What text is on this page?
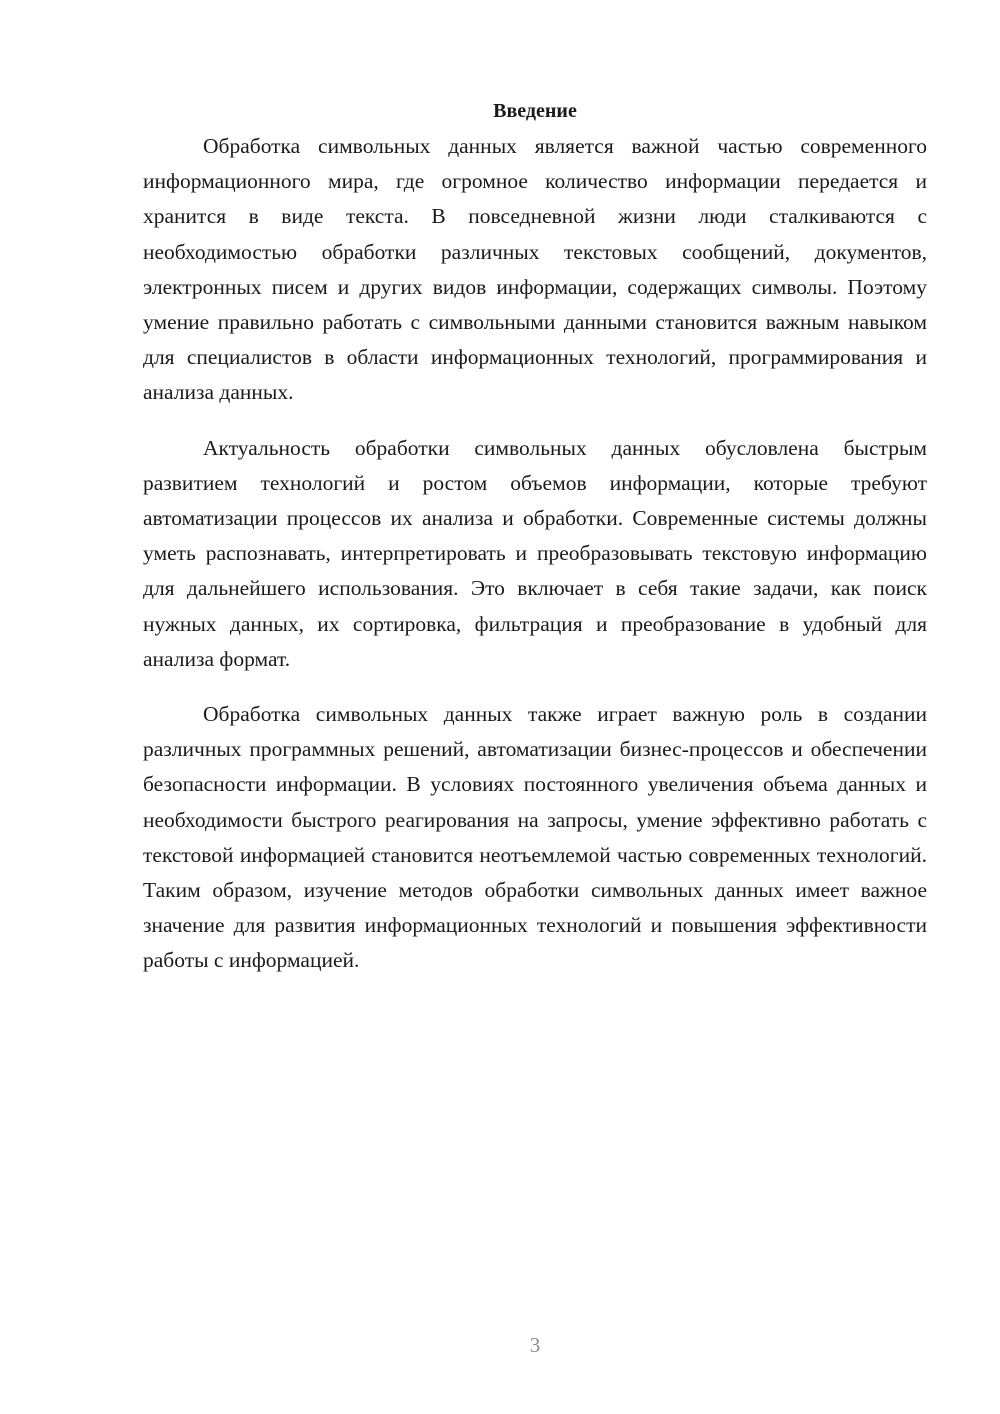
Введение

Обработка символьных данных является важной частью современного информационного мира, где огромное количество информации передается и хранится в виде текста. В повседневной жизни люди сталкиваются с необходимостью обработки различных текстовых сообщений, документов, электронных писем и других видов информации, содержащих символы. Поэтому умение правильно работать с символьными данными становится важным навыком для специалистов в области информационных технологий, программирования и анализа данных.

Актуальность обработки символьных данных обусловлена быстрым развитием технологий и ростом объемов информации, которые требуют автоматизации процессов их анализа и обработки. Современные системы должны уметь распознавать, интерпретировать и преобразовывать текстовую информацию для дальнейшего использования. Это включает в себя такие задачи, как поиск нужных данных, их сортировка, фильтрация и преобразование в удобный для анализа формат.

Обработка символьных данных также играет важную роль в создании различных программных решений, автоматизации бизнес-процессов и обеспечении безопасности информации. В условиях постоянного увеличения объема данных и необходимости быстрого реагирования на запросы, умение эффективно работать с текстовой информацией становится неотъемлемой частью современных технологий. Таким образом, изучение методов обработки символьных данных имеет важное значение для развития информационных технологий и повышения эффективности работы с информацией.

3
